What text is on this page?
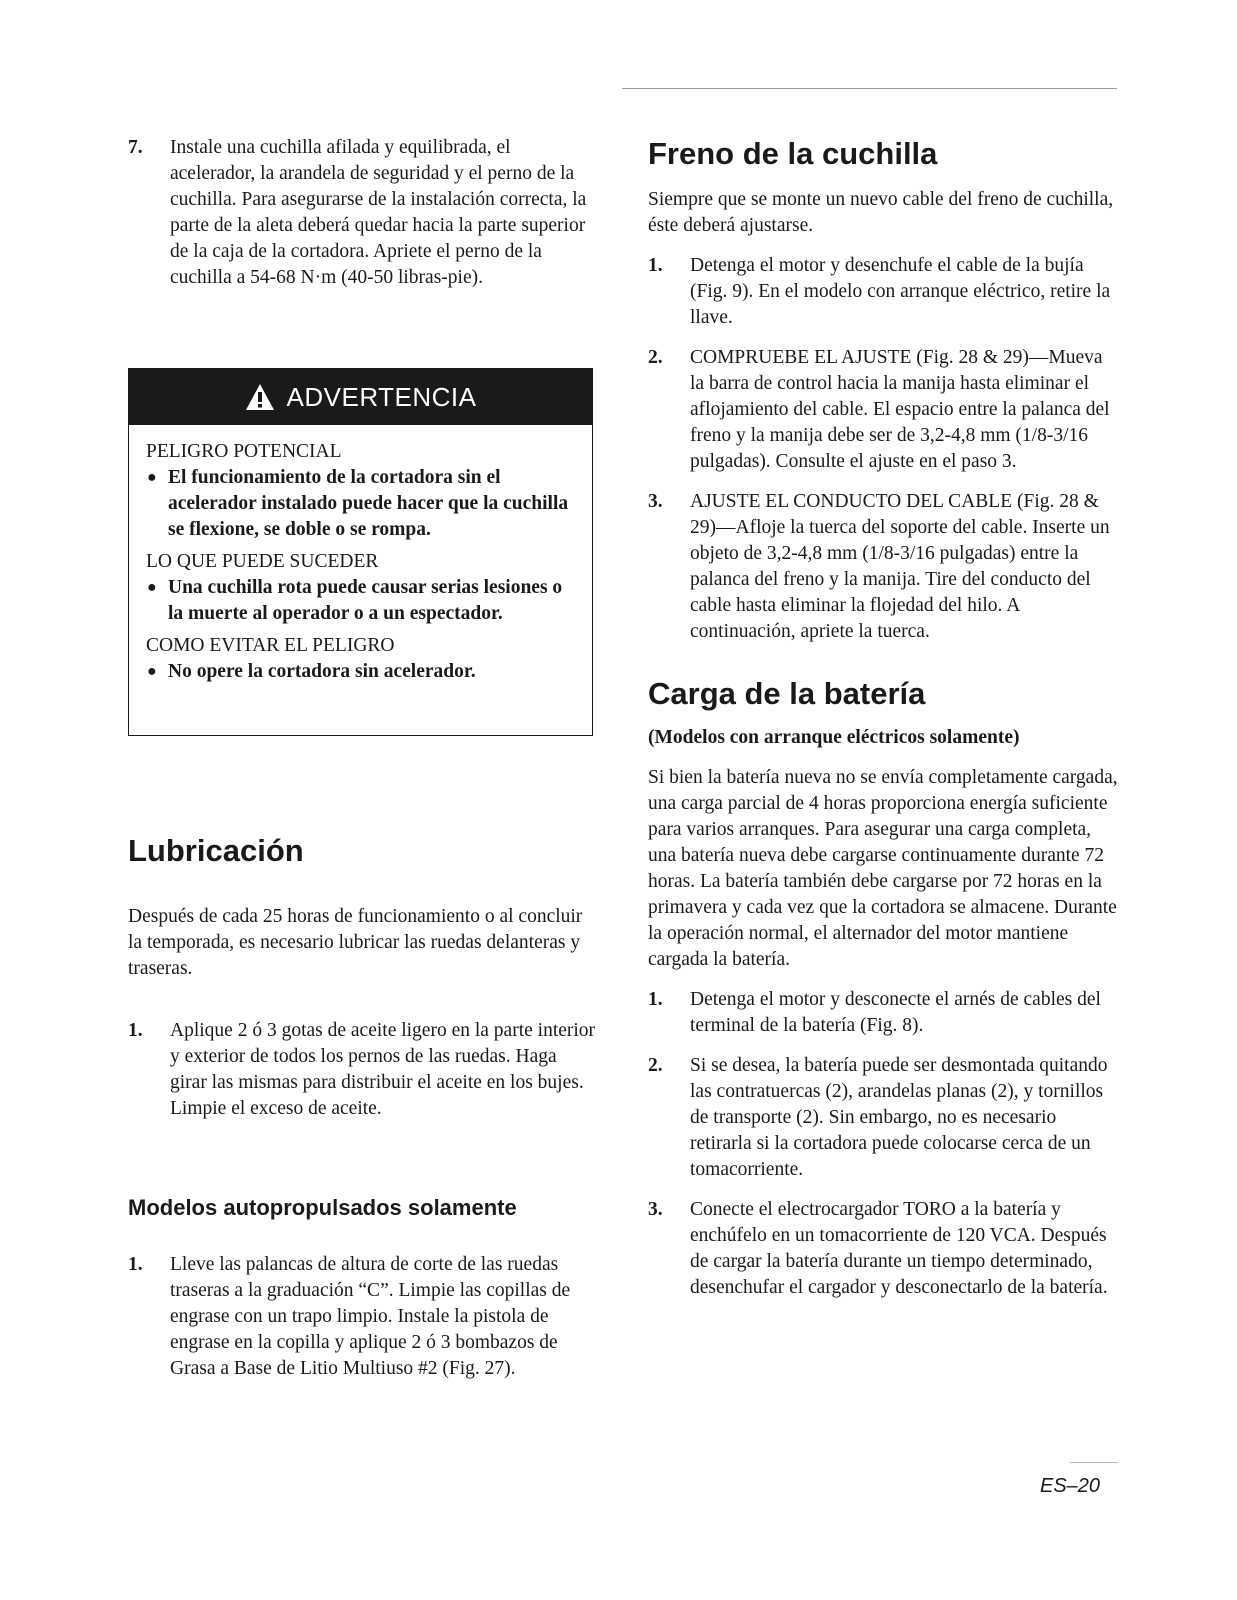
7.	Instale una cuchilla afilada y equilibrada, el acelerador, la arandela de seguridad y el perno de la cuchilla. Para asegurarse de la instalación correcta, la parte de la aleta deberá quedar hacia la parte superior de la caja de la cortadora. Apriete el perno de la cuchilla a 54-68 N·m (40-50 libras-pie).
ADVERTENCIA

PELIGRO POTENCIAL

● El funcionamiento de la cortadora sin el acelerador instalado puede hacer que la cuchilla se flexione, se doble o se rompa.

LO QUE PUEDE SUCEDER

● Una cuchilla rota puede causar serias lesiones o la muerte al operador o a un espectador.

COMO EVITAR EL PELIGRO

● No opere la cortadora sin acelerador.
Lubricación

Después de cada 25 horas de funcionamiento o al concluir la temporada, es necesario lubricar las ruedas delanteras y traseras.

1.	Aplique 2 ó 3 gotas de aceite ligero en la parte interior y exterior de todos los pernos de las ruedas. Haga girar las mismas para distribuir el aceite en los bujes. Limpie el exceso de aceite.
Modelos autopropulsados solamente
1.	Lleve las palancas de altura de corte de las ruedas traseras a la graduación “C”. Limpie las copillas de engrase con un trapo limpio. Instale la pistola de engrase en la copilla y aplique 2 ó 3 bombazos de Grasa a Base de Litio Multiuso #2 (Fig. 27).
Freno de la cuchilla

Siempre que se monte un nuevo cable del freno de cuchilla, éste deberá ajustarse.

1.	Detenga el motor y desenchufe el cable de la bujía (Fig. 9). En el modelo con arranque eléctrico, retire la llave.
2.	COMPRUEBE EL AJUSTE (Fig. 28 & 29)—Mueva la barra de control hacia la manija hasta eliminar el aflojamiento del cable. El espacio entre la palanca del freno y la manija debe ser de 3,2-4,8 mm (1/8-3/16 pulgadas). Consulte el ajuste en el paso 3.
3.	AJUSTE EL CONDUCTO DEL CABLE (Fig. 28 & 29)—Afloje la tuerca del soporte del cable. Inserte un objeto de 3,2-4,8 mm (1/8-3/16 pulgadas) entre la palanca del freno y la manija. Tire del conducto del cable hasta eliminar la flojedad del hilo. A continuación, apriete la tuerca.
Carga de la batería
(Modelos con arranque eléctricos solamente)

Si bien la batería nueva no se envía completamente cargada, una carga parcial de 4 horas proporciona energía suficiente para varios arranques. Para asegurar una carga completa, una batería nueva debe cargarse continuamente durante 72 horas. La batería también debe cargarse por 72 horas en la primavera y cada vez que la cortadora se almacene. Durante la operación normal, el alternador del motor mantiene cargada la batería.

1.	Detenga el motor y desconecte el arnés de cables del terminal de la batería (Fig. 8).
2.	Si se desea, la batería puede ser desmontada quitando las contratuercas (2), arandelas planas (2), y tornillos de transporte (2). Sin embargo, no es necesario retirarla si la cortadora puede colocarse cerca de un tomacorriente.
3.	Conecte el electrocargador TORO a la batería y enchúfelo en un tomacorriente de 120 VCA. Después de cargar la batería durante un tiempo determinado, desenchufar el cargador y desconectarlo de la batería.
ES–20
